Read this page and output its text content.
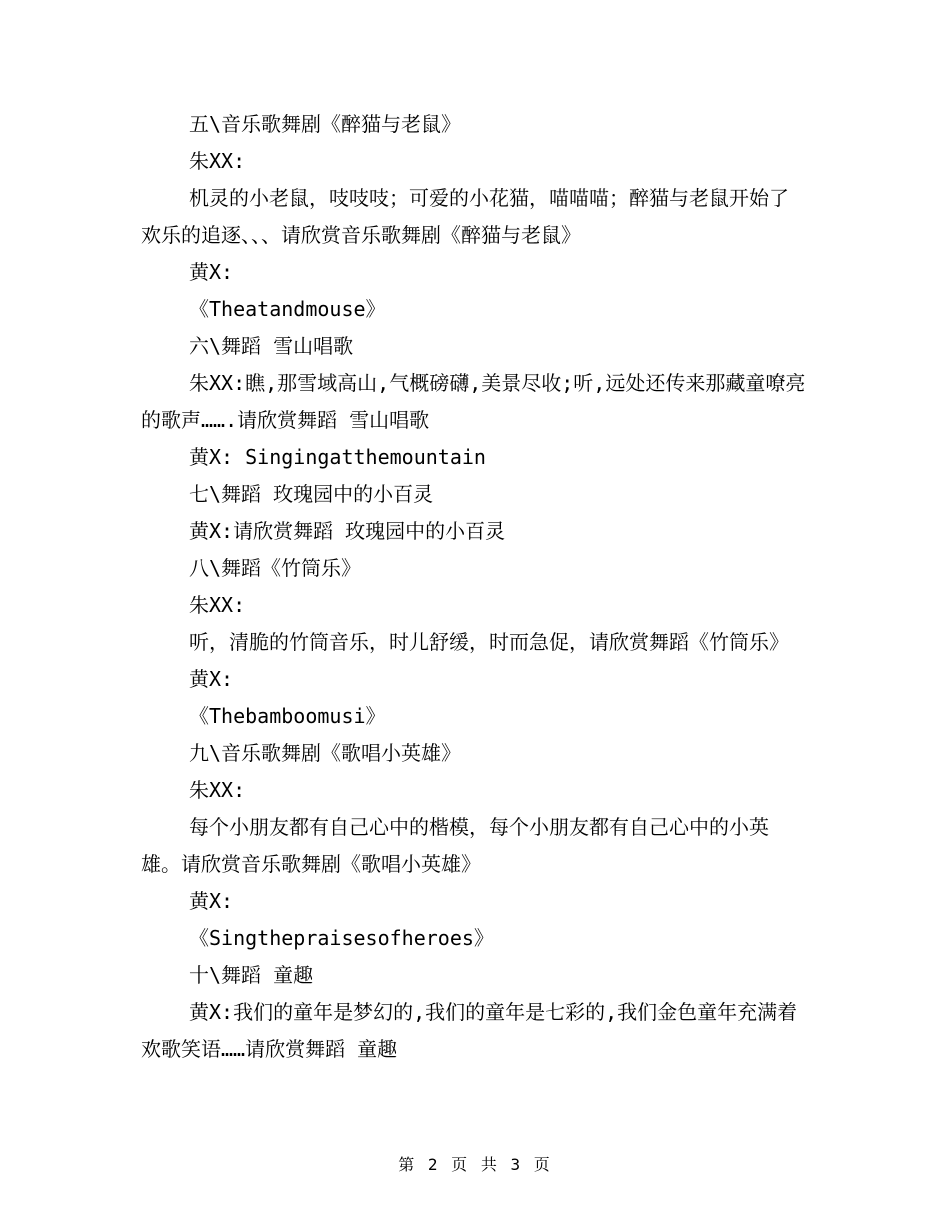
五\音乐歌舞剧《醉猫与老鼠》

朱XX:

机灵的小老鼠，吱吱吱；可爱的小花猫，喵喵喵；醉猫与老鼠开始了欢乐的追逐、、、请欣赏音乐歌舞剧《醉猫与老鼠》

黄X:

《Theatandmouse》

六\舞蹈 雪山唱歌

朱XX:瞧,那雪域高山,气概磅礴,美景尽收;听,远处还传来那藏童嘹亮的歌声…….请欣赏舞蹈 雪山唱歌

黄X: Singingatthemountain

七\舞蹈 玫瑰园中的小百灵

黄X:请欣赏舞蹈 玫瑰园中的小百灵

八\舞蹈《竹筒乐》

朱XX:

听，清脆的竹筒音乐，时儿舒缓，时而急促，请欣赏舞蹈《竹筒乐》

黄X:

《Thebamboomusi》

九\音乐歌舞剧《歌唱小英雄》

朱XX:

每个小朋友都有自己心中的楷模，每个小朋友都有自己心中的小英雄。请欣赏音乐歌舞剧《歌唱小英雄》

黄X:

《Singthepraisesofheroes》

十\舞蹈 童趣

黄X:我们的童年是梦幻的,我们的童年是七彩的,我们金色童年充满着欢歌笑语……请欣赏舞蹈 童趣

第 2 页 共 3 页
